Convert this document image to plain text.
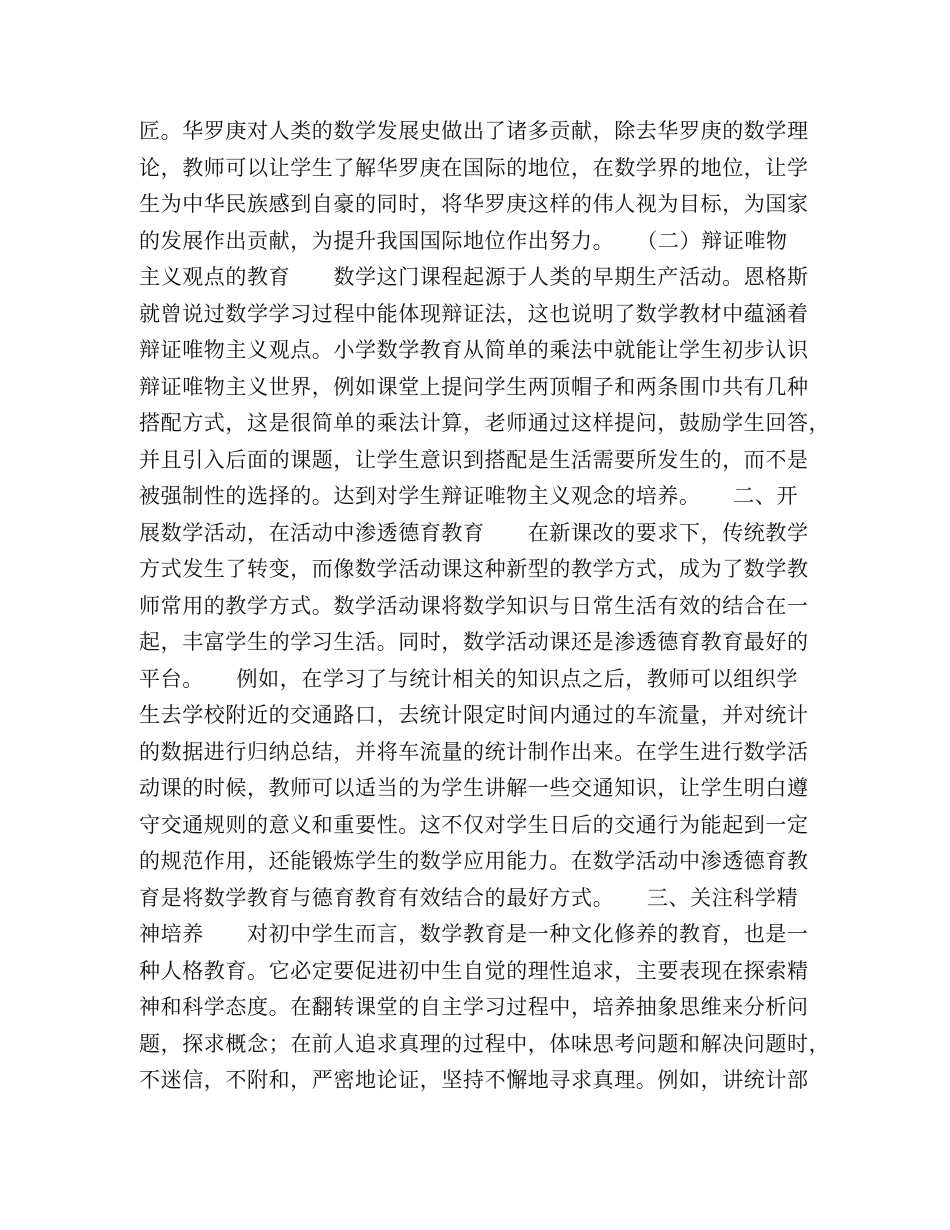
匠。华罗庚对人类的数学发展史做出了诸多贡献，除去华罗庚的数学理
论，教师可以让学生了解华罗庚在国际的地位，在数学界的地位，让学
生为中华民族感到自豪的同时，将华罗庚这样的伟人视为目标，为国家
的发展作出贡献，为提升我国国际地位作出努力。　　（二）辩证唯物
主义观点的教育　　数学这门课程起源于人类的早期生产活动。恩格斯
就曾说过数学学习过程中能体现辩证法，这也说明了数学教材中蕴涵着
辩证唯物主义观点。小学数学教育从简单的乘法中就能让学生初步认识
辩证唯物主义世界，例如课堂上提问学生两顶帽子和两条围巾共有几种
搭配方式，这是很简单的乘法计算，老师通过这样提问，鼓励学生回答，
并且引入后面的课题，让学生意识到搭配是生活需要所发生的，而不是
被强制性的选择的。达到对学生辩证唯物主义观念的培养。　　二、开
展数学活动，在活动中渗透德育教育　　在新课改的要求下，传统教学
方式发生了转变，而像数学活动课这种新型的教学方式，成为了数学教
师常用的教学方式。数学活动课将数学知识与日常生活有效的结合在一
起，丰富学生的学习生活。同时，数学活动课还是渗透德育教育最好的
平台。　　例如，在学习了与统计相关的知识点之后，教师可以组织学
生去学校附近的交通路口，去统计限定时间内通过的车流量，并对统计
的数据进行归纳总结，并将车流量的统计制作出来。在学生进行数学活
动课的时候，教师可以适当的为学生讲解一些交通知识，让学生明白遵
守交通规则的意义和重要性。这不仅对学生日后的交通行为能起到一定
的规范作用，还能锻炼学生的数学应用能力。在数学活动中渗透德育教
育是将数学教育与德育教育有效结合的最好方式。　　三、关注科学精
神培养　　对初中学生而言，数学教育是一种文化修养的教育，也是一
种人格教育。它必定要促进初中生自觉的理性追求，主要表现在探索精
神和科学态度。在翻转课堂的自主学习过程中，培养抽象思维来分析问
题，探求概念；在前人追求真理的过程中，体味思考问题和解决问题时，
不迷信，不附和，严密地论证，坚持不懈地寻求真理。例如，讲统计部
